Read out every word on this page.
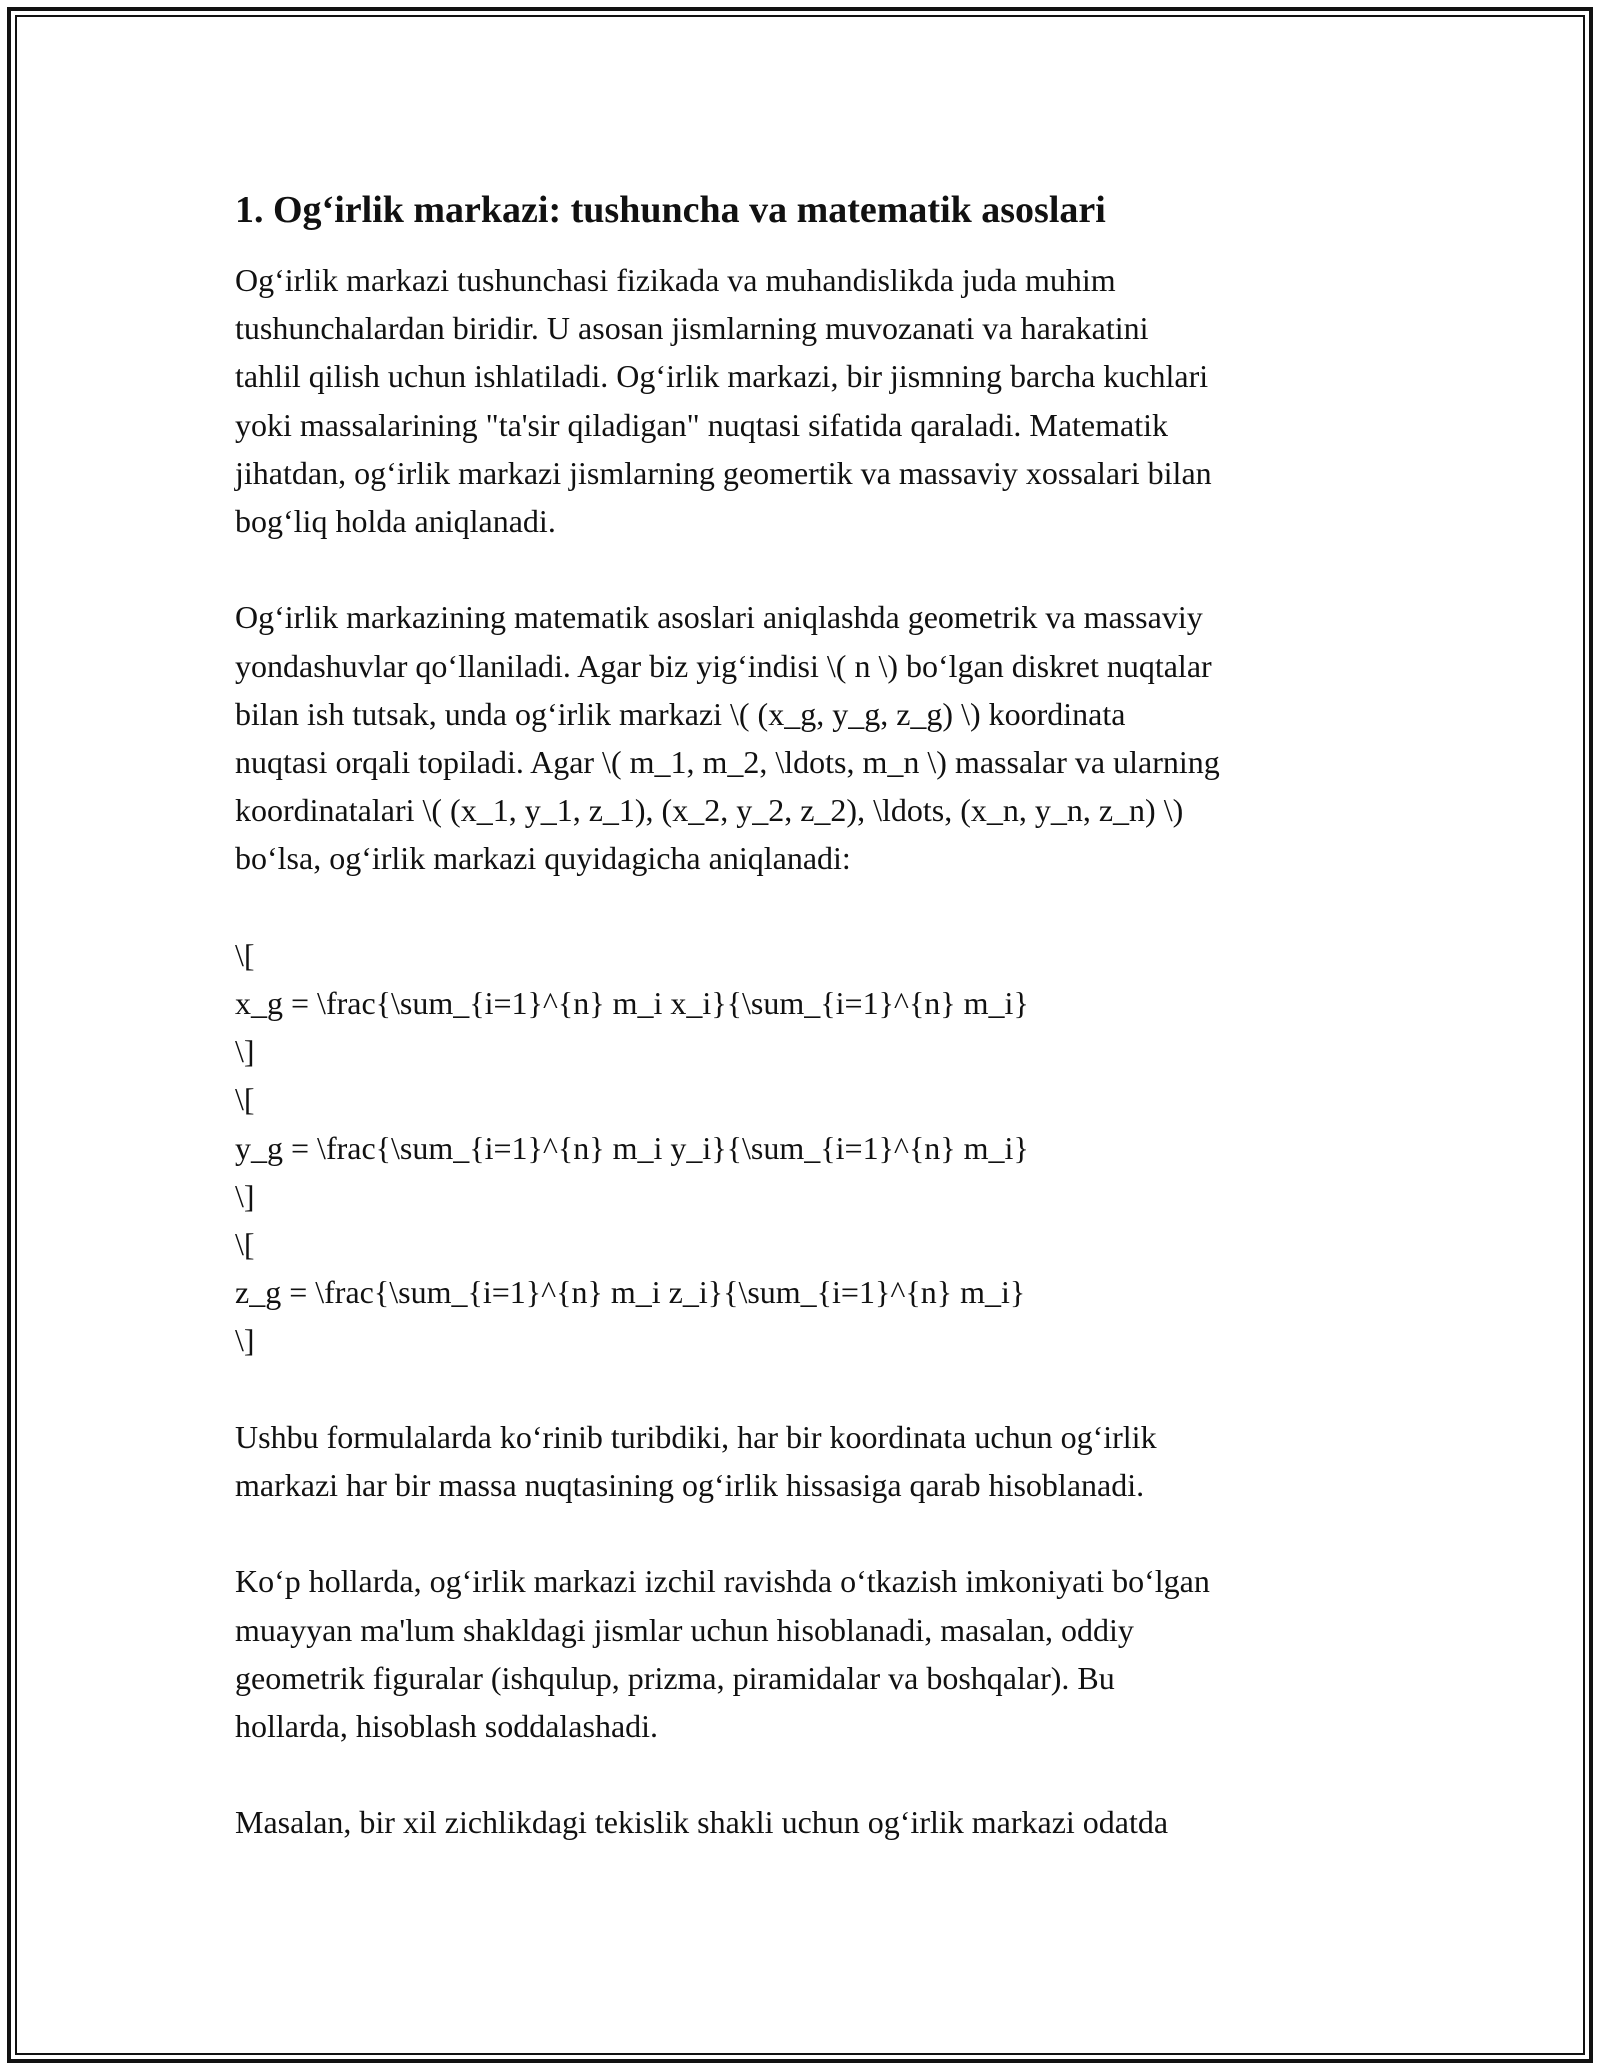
1. Og‘irlik markazi: tushuncha va matematik asoslari

Og‘irlik markazi tushunchasi fizikada va muhandislikda juda muhim
tushunchalardan biridir. U asosan jismlarning muvozanati va harakatini
tahlil qilish uchun ishlatiladi. Og‘irlik markazi, bir jismning barcha kuchlari
yoki massalarining "ta'sir qiladigan" nuqtasi sifatida qaraladi. Matematik
jihatdan, og‘irlik markazi jismlarning geomertik va massaviy xossalari bilan
bog‘liq holda aniqlanadi.

Og‘irlik markazining matematik asoslari aniqlashda geometrik va massaviy
yondashuvlar qo‘llaniladi. Agar biz yig‘indisi \( n \) bo‘lgan diskret nuqtalar
bilan ish tutsak, unda og‘irlik markazi \( (x_g, y_g, z_g) \) koordinata
nuqtasi orqali topiladi. Agar \( m_1, m_2, \ldots, m_n \) massalar va ularning
koordinatalari \( (x_1, y_1, z_1), (x_2, y_2, z_2), \ldots, (x_n, y_n, z_n) \)
bo‘lsa, og‘irlik markazi quyidagicha aniqlanadi:

\[
x_g = \frac{\sum_{i=1}^{n} m_i x_i}{\sum_{i=1}^{n} m_i}
\]
\[
y_g = \frac{\sum_{i=1}^{n} m_i y_i}{\sum_{i=1}^{n} m_i}
\]
\[
z_g = \frac{\sum_{i=1}^{n} m_i z_i}{\sum_{i=1}^{n} m_i}
\]

Ushbu formulalarda ko‘rinib turibdiki, har bir koordinata uchun og‘irlik
markazi har bir massa nuqtasining og‘irlik hissasiga qarab hisoblanadi.

Ko‘p hollarda, og‘irlik markazi izchil ravishda o‘tkazish imkoniyati bo‘lgan
muayyan ma'lum shakldagi jismlar uchun hisoblanadi, masalan, oddiy
geometrik figuralar (ishqulup, prizma, piramidalar va boshqalar). Bu
hollarda, hisoblash soddalashadi.

Masalan, bir xil zichlikdagi tekislik shakli uchun og‘irlik markazi odatda
